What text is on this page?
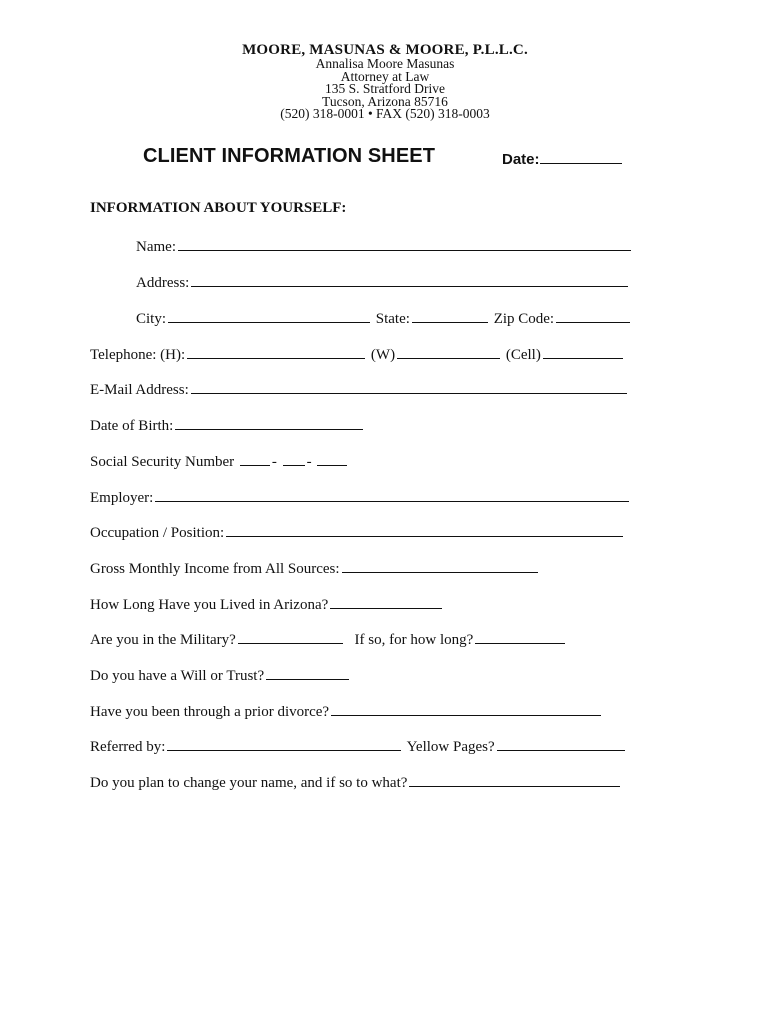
MOORE, MASUNAS & MOORE, P.L.L.C.
Annalisa Moore Masunas
Attorney at Law
135 S. Stratford Drive
Tucson, Arizona 85716
(520) 318-0001 • FAX (520) 318-0003
CLIENT INFORMATION SHEET	Date:
INFORMATION ABOUT YOURSELF:
Name:
Address:
City:	State:	Zip Code:
Telephone: (H):	(W)	(Cell)
E-Mail Address:
Date of Birth:
Social Security Number	- -
Employer:
Occupation / Position:
Gross Monthly Income from All Sources:
How Long Have you Lived in Arizona?
Are you in the Military?	If so, for how long?
Do you have a Will or Trust?
Have you been through a prior divorce?
Referred by:	Yellow Pages?
Do you plan to change your name, and if so to what?
